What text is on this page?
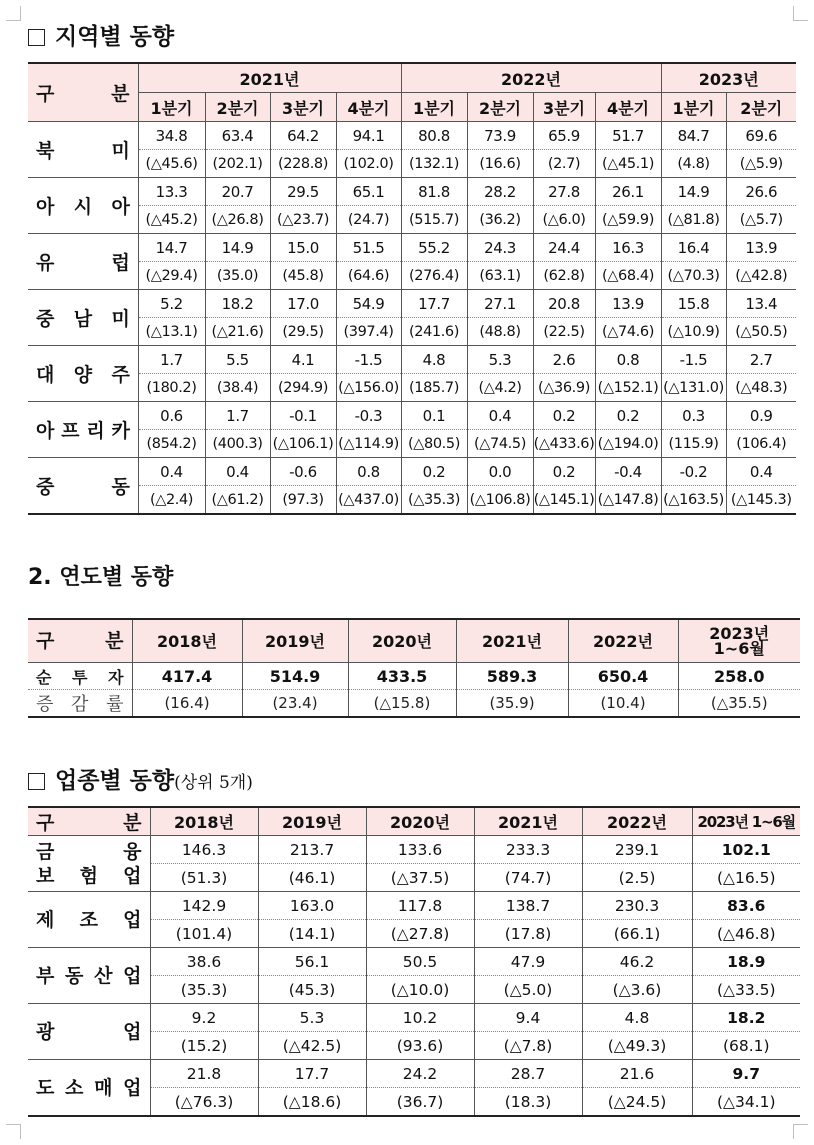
지역별 동향
구 분	2021년				2022년				2023년	
	1분기	2분기	3분기	4분기	1분기	2분기	3분기	4분기	1분기	2분기
북 미	34.8	63.4	64.2	94.1	80.8	73.9	65.9	51.7	84.7	69.6
	(△45.6)	(202.1)	(228.8)	(102.0)	(132.1)	(16.6)	(2.7)	(△45.1)	(4.8)	(△5.9)
아 시 아	13.3	20.7	29.5	65.1	81.8	28.2	27.8	26.1	14.9	26.6
	(△45.2)	(△26.8)	(△23.7)	(24.7)	(515.7)	(36.2)	(△6.0)	(△59.9)	(△81.8)	(△5.7)
유 럽	14.7	14.9	15.0	51.5	55.2	24.3	24.4	16.3	16.4	13.9
	(△29.4)	(35.0)	(45.8)	(64.6)	(276.4)	(63.1)	(62.8)	(△68.4)	(△70.3)	(△42.8)
중 남 미	5.2	18.2	17.0	54.9	17.7	27.1	20.8	13.9	15.8	13.4
	(△13.1)	(△21.6)	(29.5)	(397.4)	(241.6)	(48.8)	(22.5)	(△74.6)	(△10.9)	(△50.5)
대 양 주	1.7	5.5	4.1	-1.5	4.8	5.3	2.6	0.8	-1.5	2.7
	(180.2)	(38.4)	(294.9)	(△156.0)	(185.7)	(△4.2)	(△36.9)	(△152.1)	(△131.0)	(△48.3)
아 프 리 카	0.6	1.7	-0.1	-0.3	0.1	0.4	0.2	0.2	0.3	0.9
	(854.2)	(400.3)	(△106.1)	(△114.9)	(△80.5)	(△74.5)	(△433.6)	(△194.0)	(115.9)	(106.4)
중 동	0.4	0.4	-0.6	0.8	0.2	0.0	0.2	-0.4	-0.2	0.4
	(△2.4)	(△61.2)	(97.3)	(△437.0)	(△35.3)	(△106.8)	(△145.1)	(△147.8)	(△163.5)	(△145.3)
2. 연도별 동향
구 분	2018년	2019년	2020년	2021년	2022년	2023년
1~6월
순 투 자	417.4	514.9	433.5	589.3	650.4	258.0
증 감 률	(16.4)	(23.4)	(△15.8)	(35.9)	(10.4)	(△35.5)
업종별 동향(상위 5개)
구 분	2018년	2019년	2020년	2021년	2022년	2023년 1~6월

금 융
보 험 업	146.3	213.7	133.6	233.3	239.1	102.1
	(51.3)	(46.1)	(△37.5)	(74.7)	(2.5)	(△16.5)

제 조 업	142.9	163.0	117.8	138.7	230.3	83.6
	(101.4)	(14.1)	(△27.8)	(17.8)	(66.1)	(△46.8)

부 동 산 업	38.6	56.1	50.5	47.9	46.2	18.9
	(35.3)	(45.3)	(△10.0)	(△5.0)	(△3.6)	(△33.5)

광 업	9.2	5.3	10.2	9.4	4.8	18.2
	(15.2)	(△42.5)	(93.6)	(△7.8)	(△49.3)	(68.1)

도 소 매 업	21.8	17.7	24.2	28.7	21.6	9.7
	(△76.3)	(△18.6)	(36.7)	(18.3)	(△24.5)	(△34.1)
